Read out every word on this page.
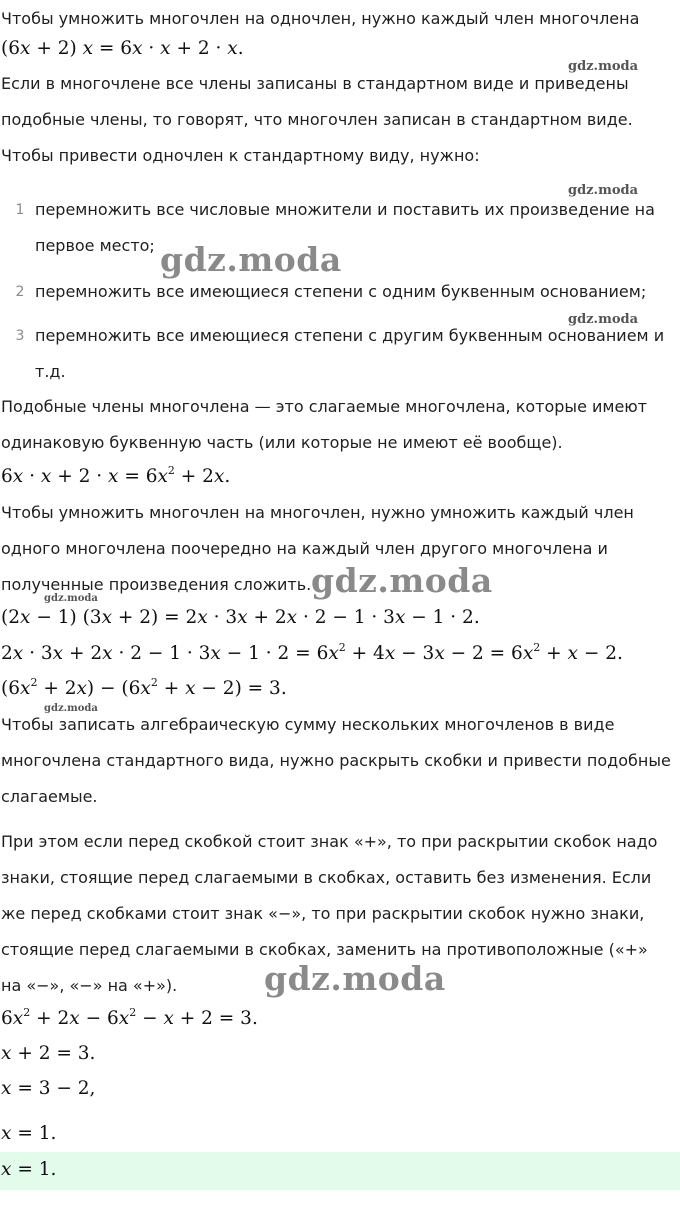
Чтобы умножить многочлен на одночлен, нужно каждый член многочлена
(6x + 2) x = 6x · x + 2 · x.
Если в многочлене все члены записаны в стандартном виде и приведены
подобные члены, то говорят, что многочлен записан в стандартном виде.
Чтобы привести одночлен к стандартному виду, нужно:
1 перемножить все числовые множители и поставить их произведение на
первое место;
2 перемножить все имеющиеся степени с одним буквенным основанием;
3 перемножить все имеющиеся степени с другим буквенным основанием и
т.д.
Подобные члены многочлена — это слагаемые многочлена, которые имеют
одинаковую буквенную часть (или которые не имеют её вообще).
$6x \cdot x + 2 \cdot x = 6x^2 + 2x$.
Чтобы умножить многочлен на многочлен, нужно умножить каждый член
одного многочлена поочередно на каждый член другого многочлена и
полученные произведения сложить.
(2x − 1) (3x + 2) = 2x · 3x + 2x · 2 − 1 · 3x − 1 · 2.
$2x \cdot 3x + 2x \cdot 2 - 1 \cdot 3x - 1 \cdot 2 = 6x^2 + 4x - 3x - 2 = 6x^2 + x - 2$.
$(6x^2 + 2x) - (6x^2 + x - 2) = 3$.
Чтобы записать алгебраическую сумму нескольких многочленов в виде
многочлена стандартного вида, нужно раскрыть скобки и привести подобные
слагаемые.
При этом если перед скобкой стоит знак «+», то при раскрытии скобок надо
знаки, стоящие перед слагаемыми в скобках, оставить без изменения. Если
же перед скобками стоит знак «−», то при раскрытии скобок нужно знаки,
стоящие перед слагаемыми в скобках, заменить на противоположные («+»
на «−», «−» на «+»).
$6x^2 + 2x - 6x^2 - x + 2 = 3$.
x + 2 = 3.
x = 3 − 2,
x = 1.
x = 1.
gdz.moda
gdz.moda
gdz.moda
gdz.moda
gdz.moda
gdz.moda
gdz.moda
gdz.moda
